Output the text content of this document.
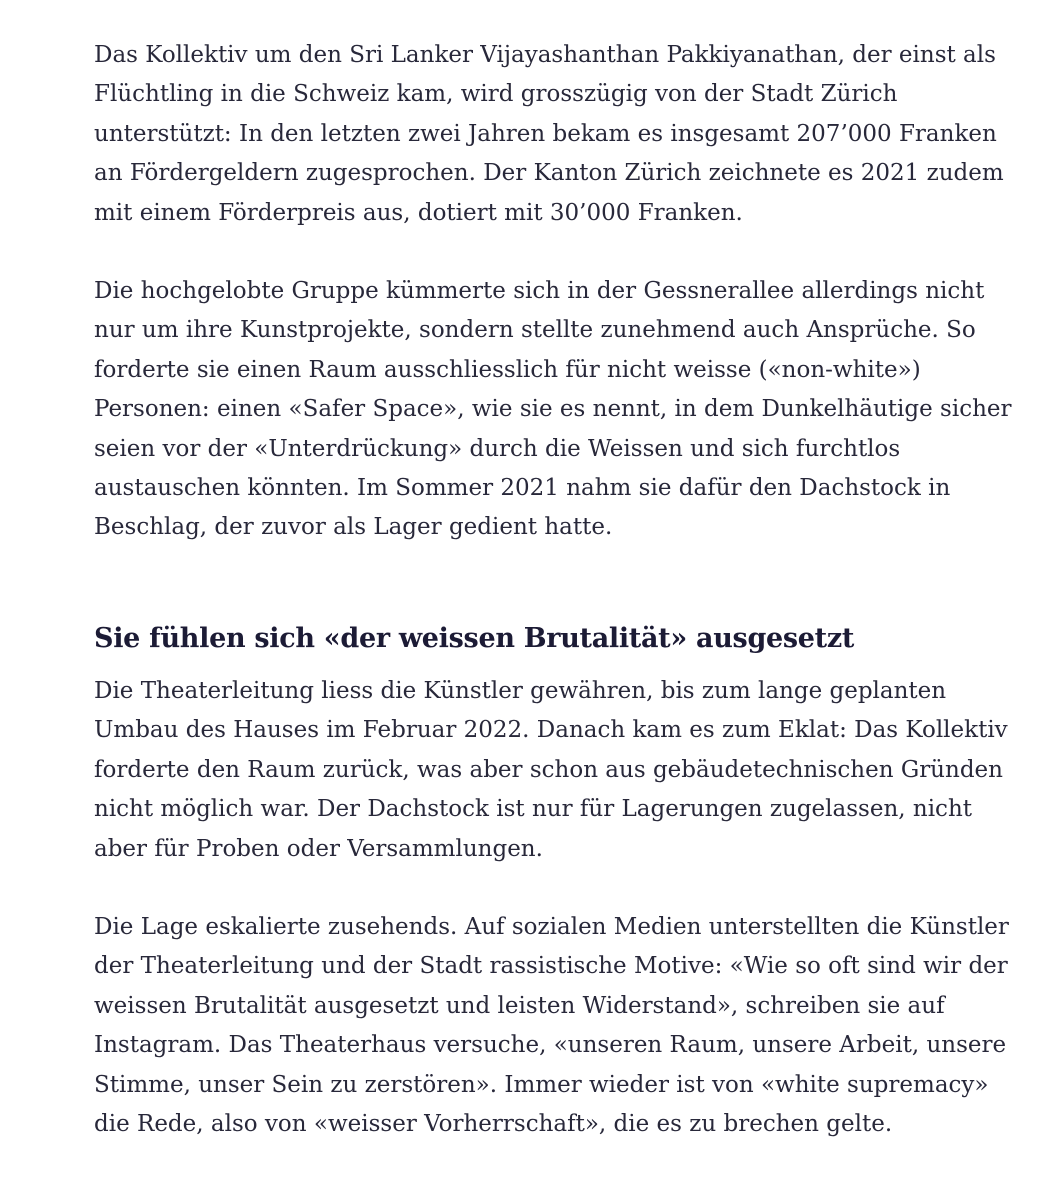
Das Kollektiv um den Sri Lanker Vijayashanthan Pakkiyanathan, der einst als
Flüchtling in die Schweiz kam, wird grosszügig von der Stadt Zürich
unterstützt: In den letzten zwei Jahren bekam es insgesamt 207’000 Franken
an Fördergeldern zugesprochen. Der Kanton Zürich zeichnete es 2021 zudem
mit einem Förderpreis aus, dotiert mit 30’000 Franken.

Die hochgelobte Gruppe kümmerte sich in der Gessnerallee allerdings nicht
nur um ihre Kunstprojekte, sondern stellte zunehmend auch Ansprüche. So
forderte sie einen Raum ausschliesslich für nicht weisse («non-white»)
Personen: einen «Safer Space», wie sie es nennt, in dem Dunkelhäutige sicher
seien vor der «Unterdrückung» durch die Weissen und sich furchtlos
austauschen könnten. Im Sommer 2021 nahm sie dafür den Dachstock in
Beschlag, der zuvor als Lager gedient hatte.

Sie fühlen sich «der weissen Brutalität» ausgesetzt

Die Theaterleitung liess die Künstler gewähren, bis zum lange geplanten
Umbau des Hauses im Februar 2022. Danach kam es zum Eklat: Das Kollektiv
forderte den Raum zurück, was aber schon aus gebäudetechnischen Gründen
nicht möglich war. Der Dachstock ist nur für Lagerungen zugelassen, nicht
aber für Proben oder Versammlungen.

Die Lage eskalierte zusehends. Auf sozialen Medien unterstellten die Künstler
der Theaterleitung und der Stadt rassistische Motive: «Wie so oft sind wir der
weissen Brutalität ausgesetzt und leisten Widerstand», schreiben sie auf
Instagram. Das Theaterhaus versuche, «unseren Raum, unsere Arbeit, unsere
Stimme, unser Sein zu zerstören». Immer wieder ist von «white supremacy»
die Rede, also von «weisser Vorherrschaft», die es zu brechen gelte.
